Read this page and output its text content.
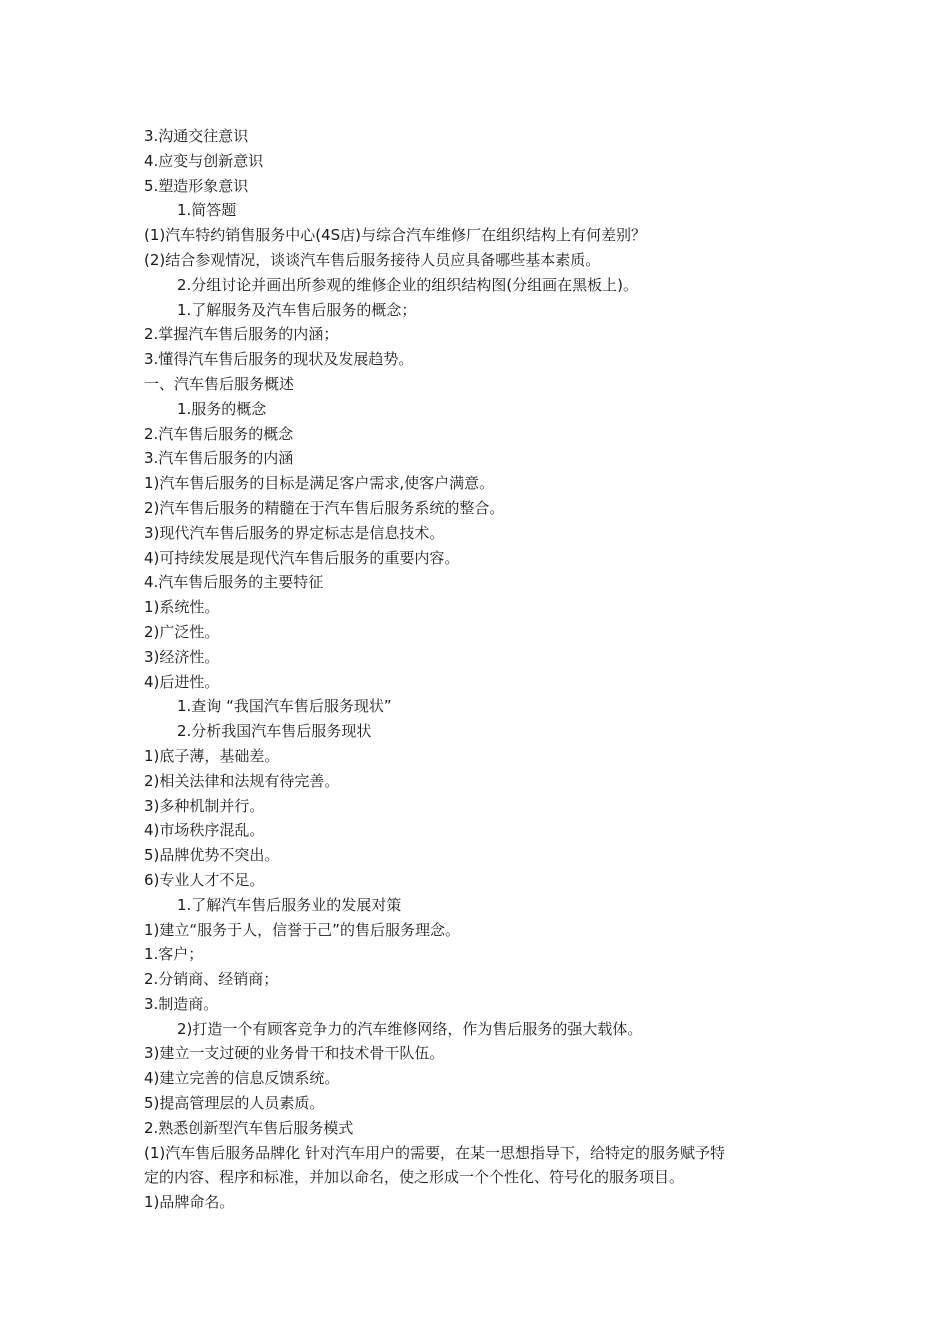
3.沟通交往意识

4.应变与创新意识

5.塑造形象意识

1.简答题

(1)汽车特约销售服务中心(4S店)与综合汽车维修厂在组织结构上有何差别？

(2)结合参观情况，谈谈汽车售后服务接待人员应具备哪些基本素质。

2.分组讨论并画出所参观的维修企业的组织结构图(分组画在黑板上)。

1.了解服务及汽车售后服务的概念；

2.掌握汽车售后服务的内涵；

3.懂得汽车售后服务的现状及发展趋势。

一、汽车售后服务概述

1.服务的概念

2.汽车售后服务的概念

3.汽车售后服务的内涵

1)汽车售后服务的目标是满足客户需求,使客户满意。

2)汽车售后服务的精髓在于汽车售后服务系统的整合。

3)现代汽车售后服务的界定标志是信息技术。

4)可持续发展是现代汽车售后服务的重要内容。

4.汽车售后服务的主要特征

1)系统性。

2)广泛性。

3)经济性。

4)后进性。

1.查询 “我国汽车售后服务现状”

2.分析我国汽车售后服务现状

1)底子薄，基础差。

2)相关法律和法规有待完善。

3)多种机制并行。

4)市场秩序混乱。

5)品牌优势不突出。

6)专业人才不足。

1.了解汽车售后服务业的发展对策

1)建立“服务于人，信誉于己”的售后服务理念。

1.客户；

2.分销商、经销商；

3.制造商。

2)打造一个有顾客竞争力的汽车维修网络，作为售后服务的强大载体。

3)建立一支过硬的业务骨干和技术骨干队伍。

4)建立完善的信息反馈系统。

5)提高管理层的人员素质。

2.熟悉创新型汽车售后服务模式

(1)汽车售后服务品牌化 针对汽车用户的需要，在某一思想指导下，给特定的服务赋予特

定的内容、程序和标准，并加以命名，使之形成一个个性化、符号化的服务项目。

1)品牌命名。
